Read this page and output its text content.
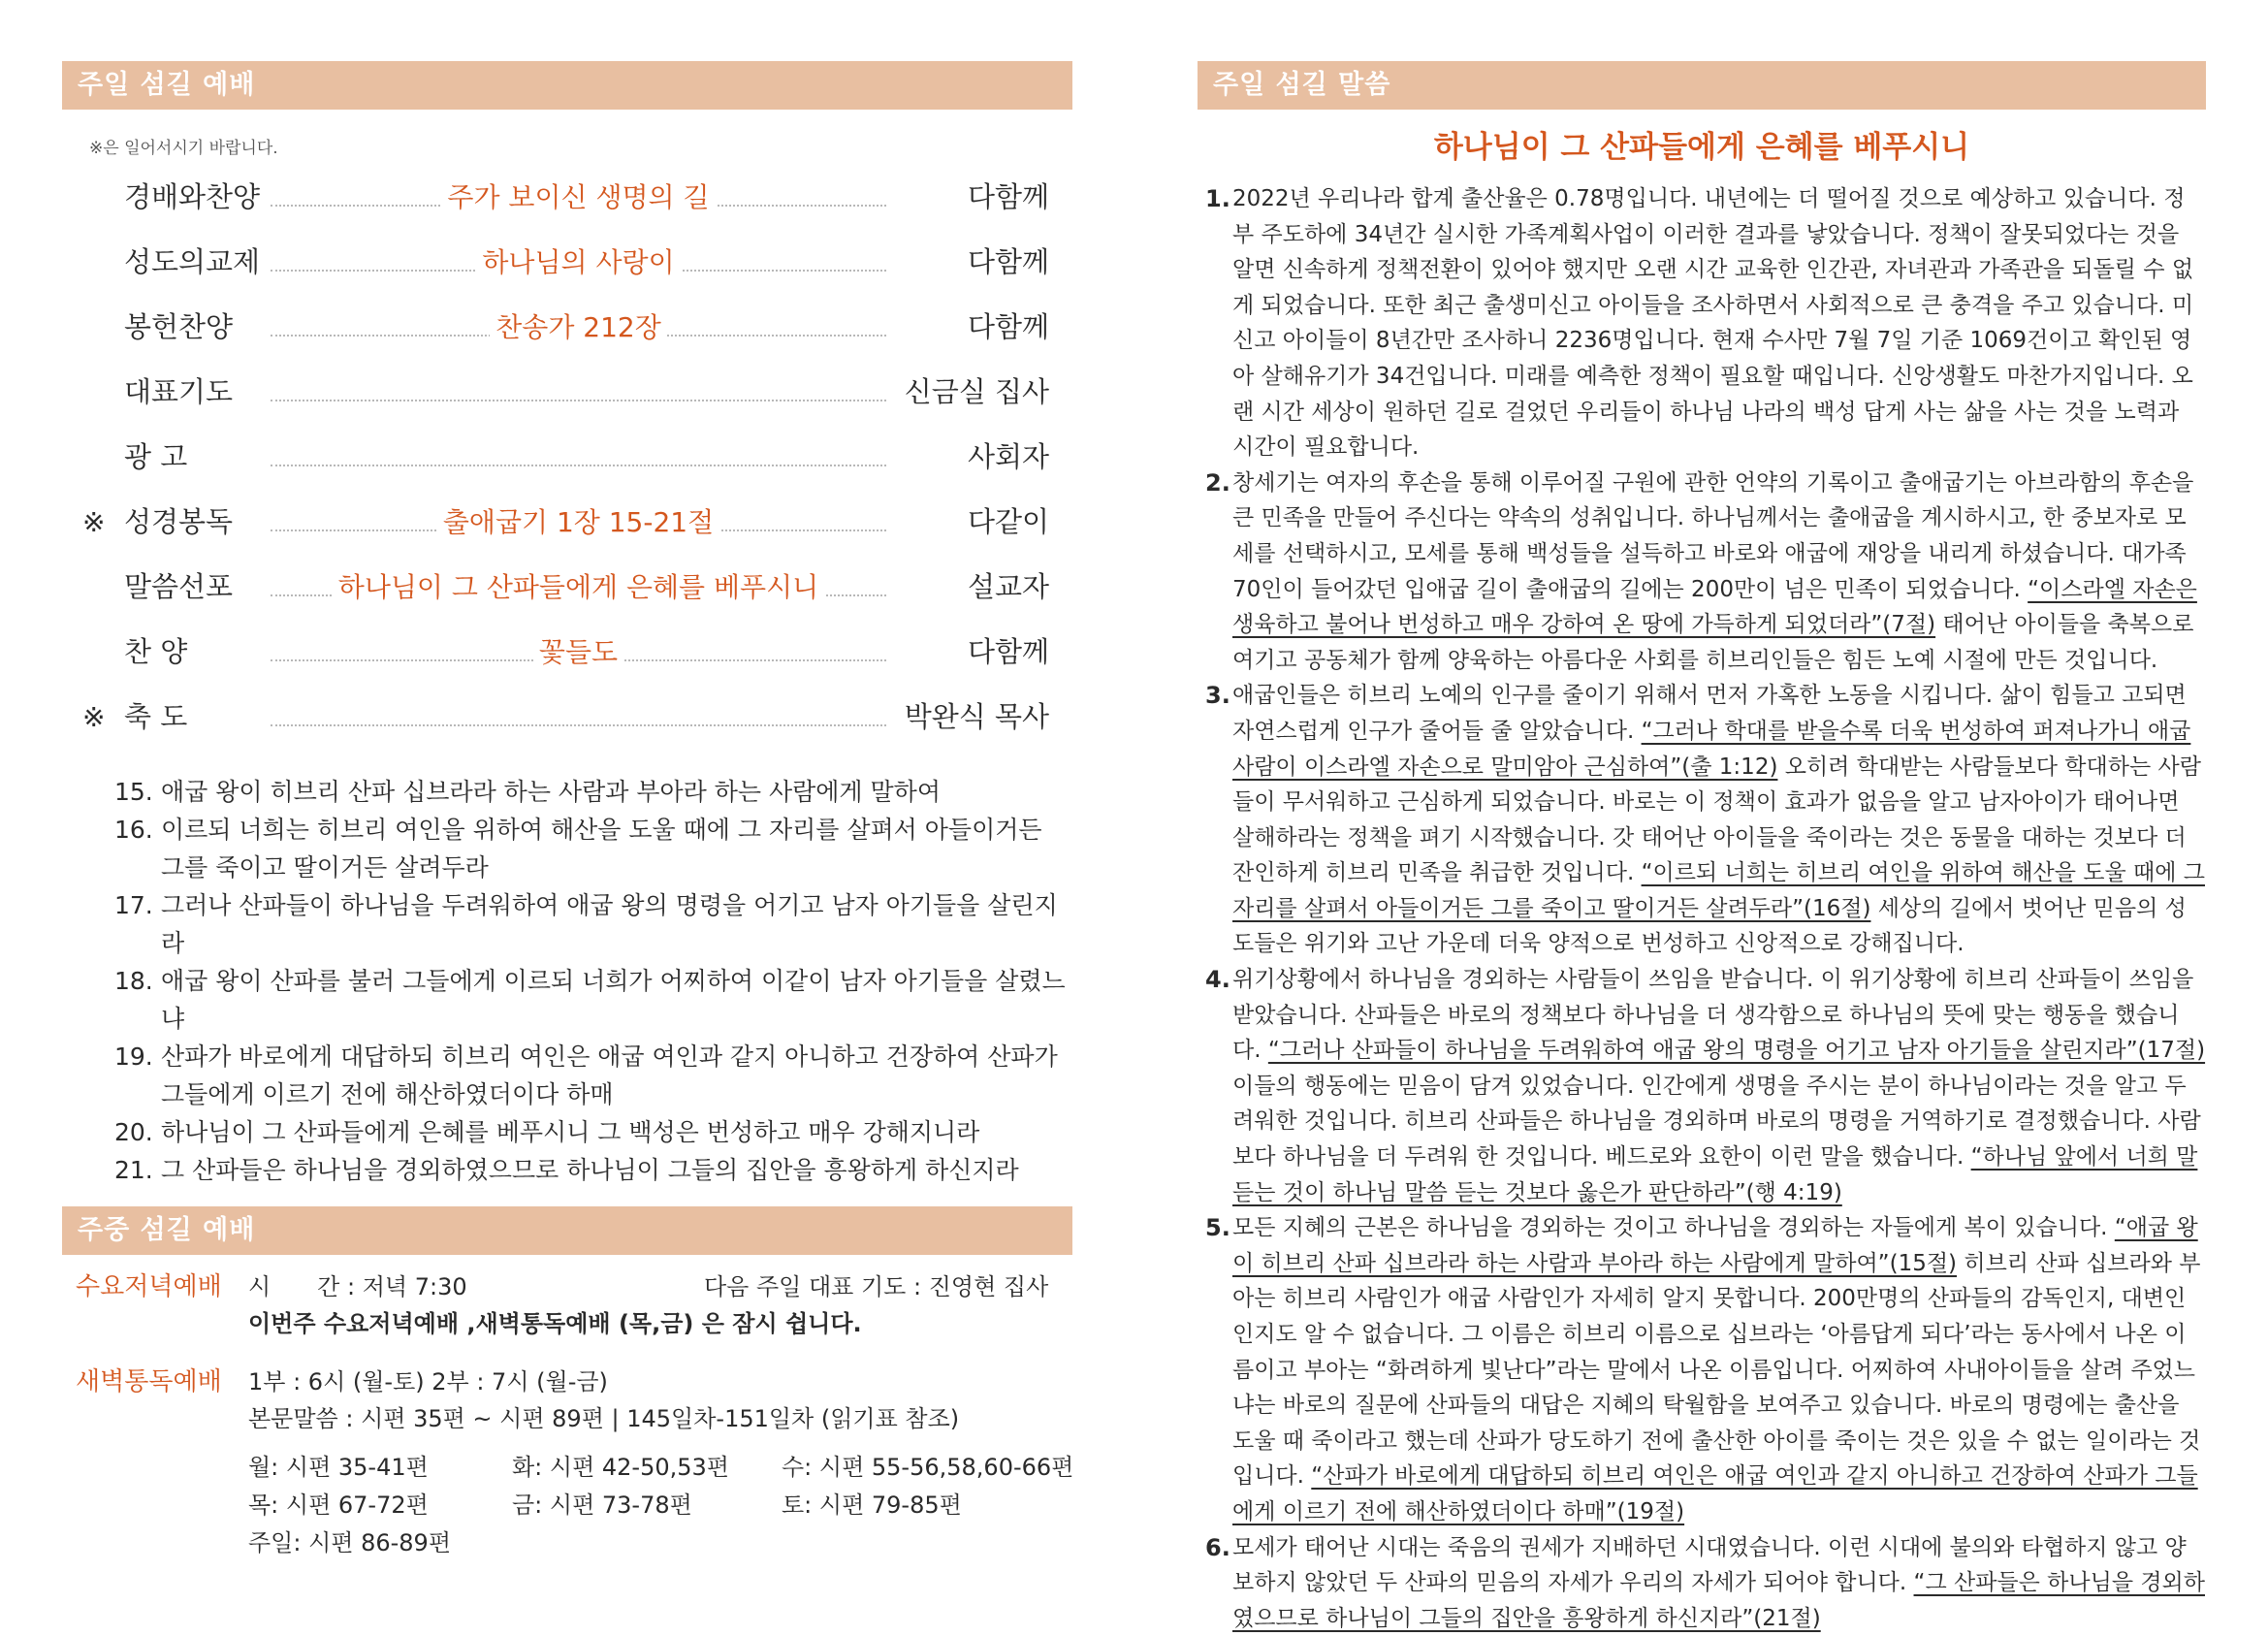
주일 섬길 예배
※은 일어서시기 바랍니다.
경배와찬양	주가 보이신 생명의 길	다함께
성도의교제	하나님의 사랑이	다함께
봉헌찬양	찬송가 212장	다함께
대표기도	신금실 집사
광 고	사회자
※ 성경봉독	출애굽기 1장 15-21절	다같이
말씀선포	하나님이 그 산파들에게 은혜를 베푸시니	설교자
찬 양	꽃들도	다함께
※ 축 도	박완식 목사
15. 애굽 왕이 히브리 산파 십브라라 하는 사람과 부아라 하는 사람에게 말하여
16. 이르되 너희는 히브리 여인을 위하여 해산을 도울 때에 그 자리를 살펴서 아들이거든 그를 죽이고 딸이거든 살려두라
17. 그러나 산파들이 하나님을 두려워하여 애굽 왕의 명령을 어기고 남자 아기들을 살린지라
18. 애굽 왕이 산파를 불러 그들에게 이르되 너희가 어찌하여 이같이 남자 아기들을 살렸느냐
19. 산파가 바로에게 대답하되 히브리 여인은 애굽 여인과 같지 아니하고 건장하여 산파가 그들에게 이르기 전에 해산하였더이다 하매
20. 하나님이 그 산파들에게 은혜를 베푸시니 그 백성은 번성하고 매우 강해지니라
21. 그 산파들은 하나님을 경외하였으므로 하나님이 그들의 집안을 흥왕하게 하신지라
주중 섬길 예배
수요저녁예배 시　　간 : 저녁 7:30	다음 주일 대표 기도 : 진영현 집사
이번주 수요저녁예배 ,새벽통독예배 (목,금) 은 잠시 쉽니다.
새벽통독예배 1부 : 6시 (월-토) 2부 : 7시 (월-금)
본문말씀 : 시편 35편 ~ 시편 89편 | 145일차-151일차 (읽기표 참조)
월: 시편 35-41편	화: 시편 42-50,53편	수: 시편 55-56,58,60-66편
목: 시편 67-72편	금: 시편 73-78편	토: 시편 79-85편
주일: 시편 86-89편
주일 섬길 말씀
하나님이 그 산파들에게 은혜를 베푸시니
1. 2022년 우리나라 합계 출산율은 0.78명입니다. 내년에는 더 떨어질 것으로 예상하고 있습니다. 정부 주도하에 34년간 실시한 가족계획사업이 이러한 결과를 낳았습니다. 정책이 잘못되었다는 것을 알면 신속하게 정책전환이 있어야 했지만 오랜 시간 교육한 인간관, 자녀관과 가족관을 되돌릴 수 없게 되었습니다. 또한 최근 출생미신고 아이들을 조사하면서 사회적으로 큰 충격을 주고 있습니다. 미신고 아이들이 8년간만 조사하니 2236명입니다. 현재 수사만 7월 7일 기준 1069건이고 확인된 영아 살해유기가 34건입니다. 미래를 예측한 정책이 필요할 때입니다. 신앙생활도 마찬가지입니다. 오랜 시간 세상이 원하던 길로 걸었던 우리들이 하나님 나라의 백성 답게 사는 삶을 사는 것을 노력과 시간이 필요합니다.
2. 창세기는 여자의 후손을 통해 이루어질 구원에 관한 언약의 기록이고 출애굽기는 아브라함의 후손을 큰 민족을 만들어 주신다는 약속의 성취입니다. 하나님께서는 출애굽을 계시하시고, 한 중보자로 모세를 선택하시고, 모세를 통해 백성들을 설득하고 바로와 애굽에 재앙을 내리게 하셨습니다. 대가족 70인이 들어갔던 입애굽 길이 출애굽의 길에는 200만이 넘은 민족이 되었습니다. “이스라엘 자손은 생육하고 불어나 번성하고 매우 강하여 온 땅에 가득하게 되었더라”(7절) 태어난 아이들을 축복으로 여기고 공동체가 함께 양육하는 아름다운 사회를 히브리인들은 힘든 노예 시절에 만든 것입니다.
3. 애굽인들은 히브리 노예의 인구를 줄이기 위해서 먼저 가혹한 노동을 시킵니다. 삶이 힘들고 고되면 자연스럽게 인구가 줄어들 줄 알았습니다. “그러나 학대를 받을수록 더욱 번성하여 퍼져나가니 애굽 사람이 이스라엘 자손으로 말미암아 근심하여”(출 1:12) 오히려 학대받는 사람들보다 학대하는 사람들이 무서워하고 근심하게 되었습니다. 바로는 이 정책이 효과가 없음을 알고 남자아이가 태어나면 살해하라는 정책을 펴기 시작했습니다. 갓 태어난 아이들을 죽이라는 것은 동물을 대하는 것보다 더 잔인하게 히브리 민족을 취급한 것입니다. “이르되 너희는 히브리 여인을 위하여 해산을 도울 때에 그 자리를 살펴서 아들이거든 그를 죽이고 딸이거든 살려두라”(16절) 세상의 길에서 벗어난 믿음의 성도들은 위기와 고난 가운데 더욱 양적으로 번성하고 신앙적으로 강해집니다.
4. 위기상황에서 하나님을 경외하는 사람들이 쓰임을 받습니다. 이 위기상황에 히브리 산파들이 쓰임을 받았습니다. 산파들은 바로의 정책보다 하나님을 더 생각함으로 하나님의 뜻에 맞는 행동을 했습니다. “그러나 산파들이 하나님을 두려워하여 애굽 왕의 명령을 어기고 남자 아기들을 살린지라”(17절) 이들의 행동에는 믿음이 담겨 있었습니다. 인간에게 생명을 주시는 분이 하나님이라는 것을 알고 두려워한 것입니다. 히브리 산파들은 하나님을 경외하며 바로의 명령을 거역하기로 결정했습니다. 사람보다 하나님을 더 두려워 한 것입니다. 베드로와 요한이 이런 말을 했습니다. “하나님 앞에서 너희 말 듣는 것이 하나님 말씀 듣는 것보다 옳은가 판단하라”(행 4:19)
5. 모든 지혜의 근본은 하나님을 경외하는 것이고 하나님을 경외하는 자들에게 복이 있습니다. “애굽 왕이 히브리 산파 십브라라 하는 사람과 부아라 하는 사람에게 말하여”(15절) 히브리 산파 십브라와 부아는 히브리 사람인가 애굽 사람인가 자세히 알지 못합니다. 200만명의 산파들의 감독인지, 대변인인지도 알 수 없습니다. 그 이름은 히브리 이름으로 십브라는 ‘아름답게 되다’라는 동사에서 나온 이름이고 부아는 “화려하게 빛난다”라는 말에서 나온 이름입니다. 어찌하여 사내아이들을 살려 주었느냐는 바로의 질문에 산파들의 대답은 지혜의 탁월함을 보여주고 있습니다. 바로의 명령에는 출산을 도울 때 죽이라고 했는데 산파가 당도하기 전에 출산한 아이를 죽이는 것은 있을 수 없는 일이라는 것입니다. “산파가 바로에게 대답하되 히브리 여인은 애굽 여인과 같지 아니하고 건장하여 산파가 그들에게 이르기 전에 해산하였더이다 하매”(19절)
6. 모세가 태어난 시대는 죽음의 권세가 지배하던 시대였습니다. 이런 시대에 불의와 타협하지 않고 양보하지 않았던 두 산파의 믿음의 자세가 우리의 자세가 되어야 합니다. “그 산파들은 하나님을 경외하였으므로 하나님이 그들의 집안을 흥왕하게 하신지라”(21절)
